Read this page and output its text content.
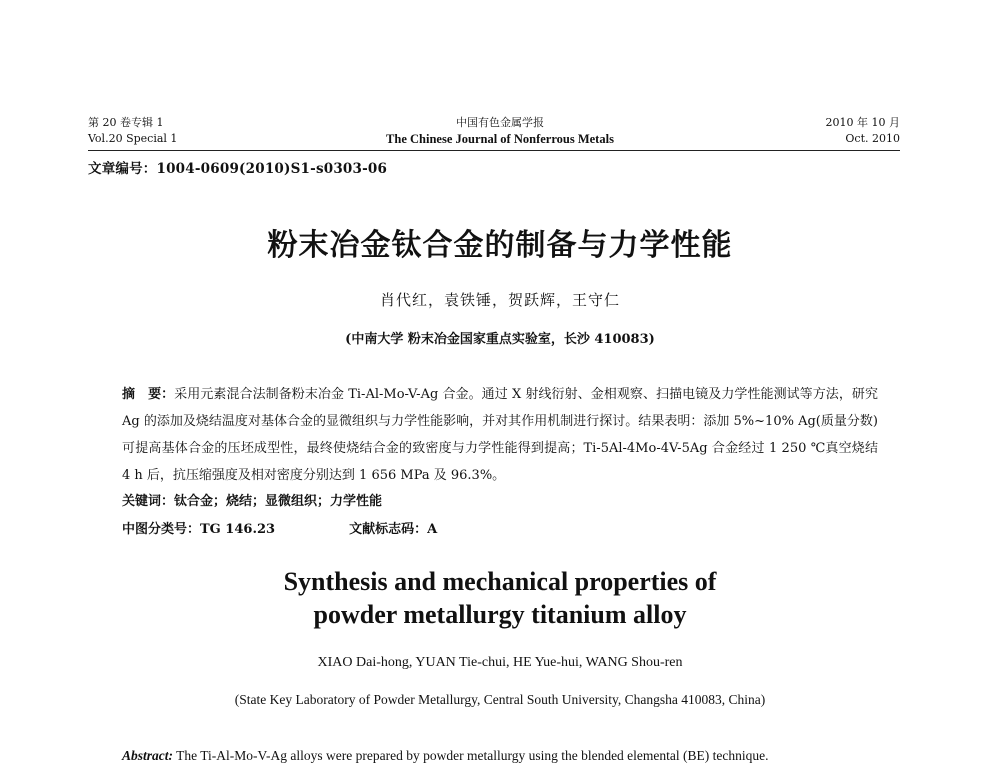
第 20 卷专辑 1
Vol.20 Special 1
中国有色金属学报
The Chinese Journal of Nonferrous Metals
2010 年 10 月
Oct. 2010
文章编号：1004-0609(2010)S1-s0303-06
粉末冶金钛合金的制备与力学性能
肖代红，袁铁锤，贺跃辉，王守仁
(中南大学 粉末冶金国家重点实验室，长沙 410083)
摘　要：采用元素混合法制备粉末冶金 Ti-Al-Mo-V-Ag 合金。通过 X 射线衍射、金相观察、扫描电镜及力学性能测试等方法，研究 Ag 的添加及烧结温度对基体合金的显微组织与力学性能影响，并对其作用机制进行探讨。结果表明：添加 5%~10% Ag(质量分数)可提高基体合金的压坯成型性，最终使烧结合金的致密度与力学性能得到提高；Ti-5Al-4Mo-4V-5Ag 合金经过 1 250 ℃真空烧结 4 h 后，抗压缩强度及相对密度分别达到 1 656 MPa 及 96.3%。
关键词：钛合金；烧结；显微组织；力学性能
中图分类号：TG 146.23	文献标志码：A
Synthesis and mechanical properties of
powder metallurgy titanium alloy
XIAO Dai-hong, YUAN Tie-chui, HE Yue-hui, WANG Shou-ren
(State Key Laboratory of Powder Metallurgy, Central South University, Changsha 410083, China)
Abstract: The Ti-Al-Mo-V-Ag alloys were prepared by powder metallurgy using the blended elemental (BE) technique.
